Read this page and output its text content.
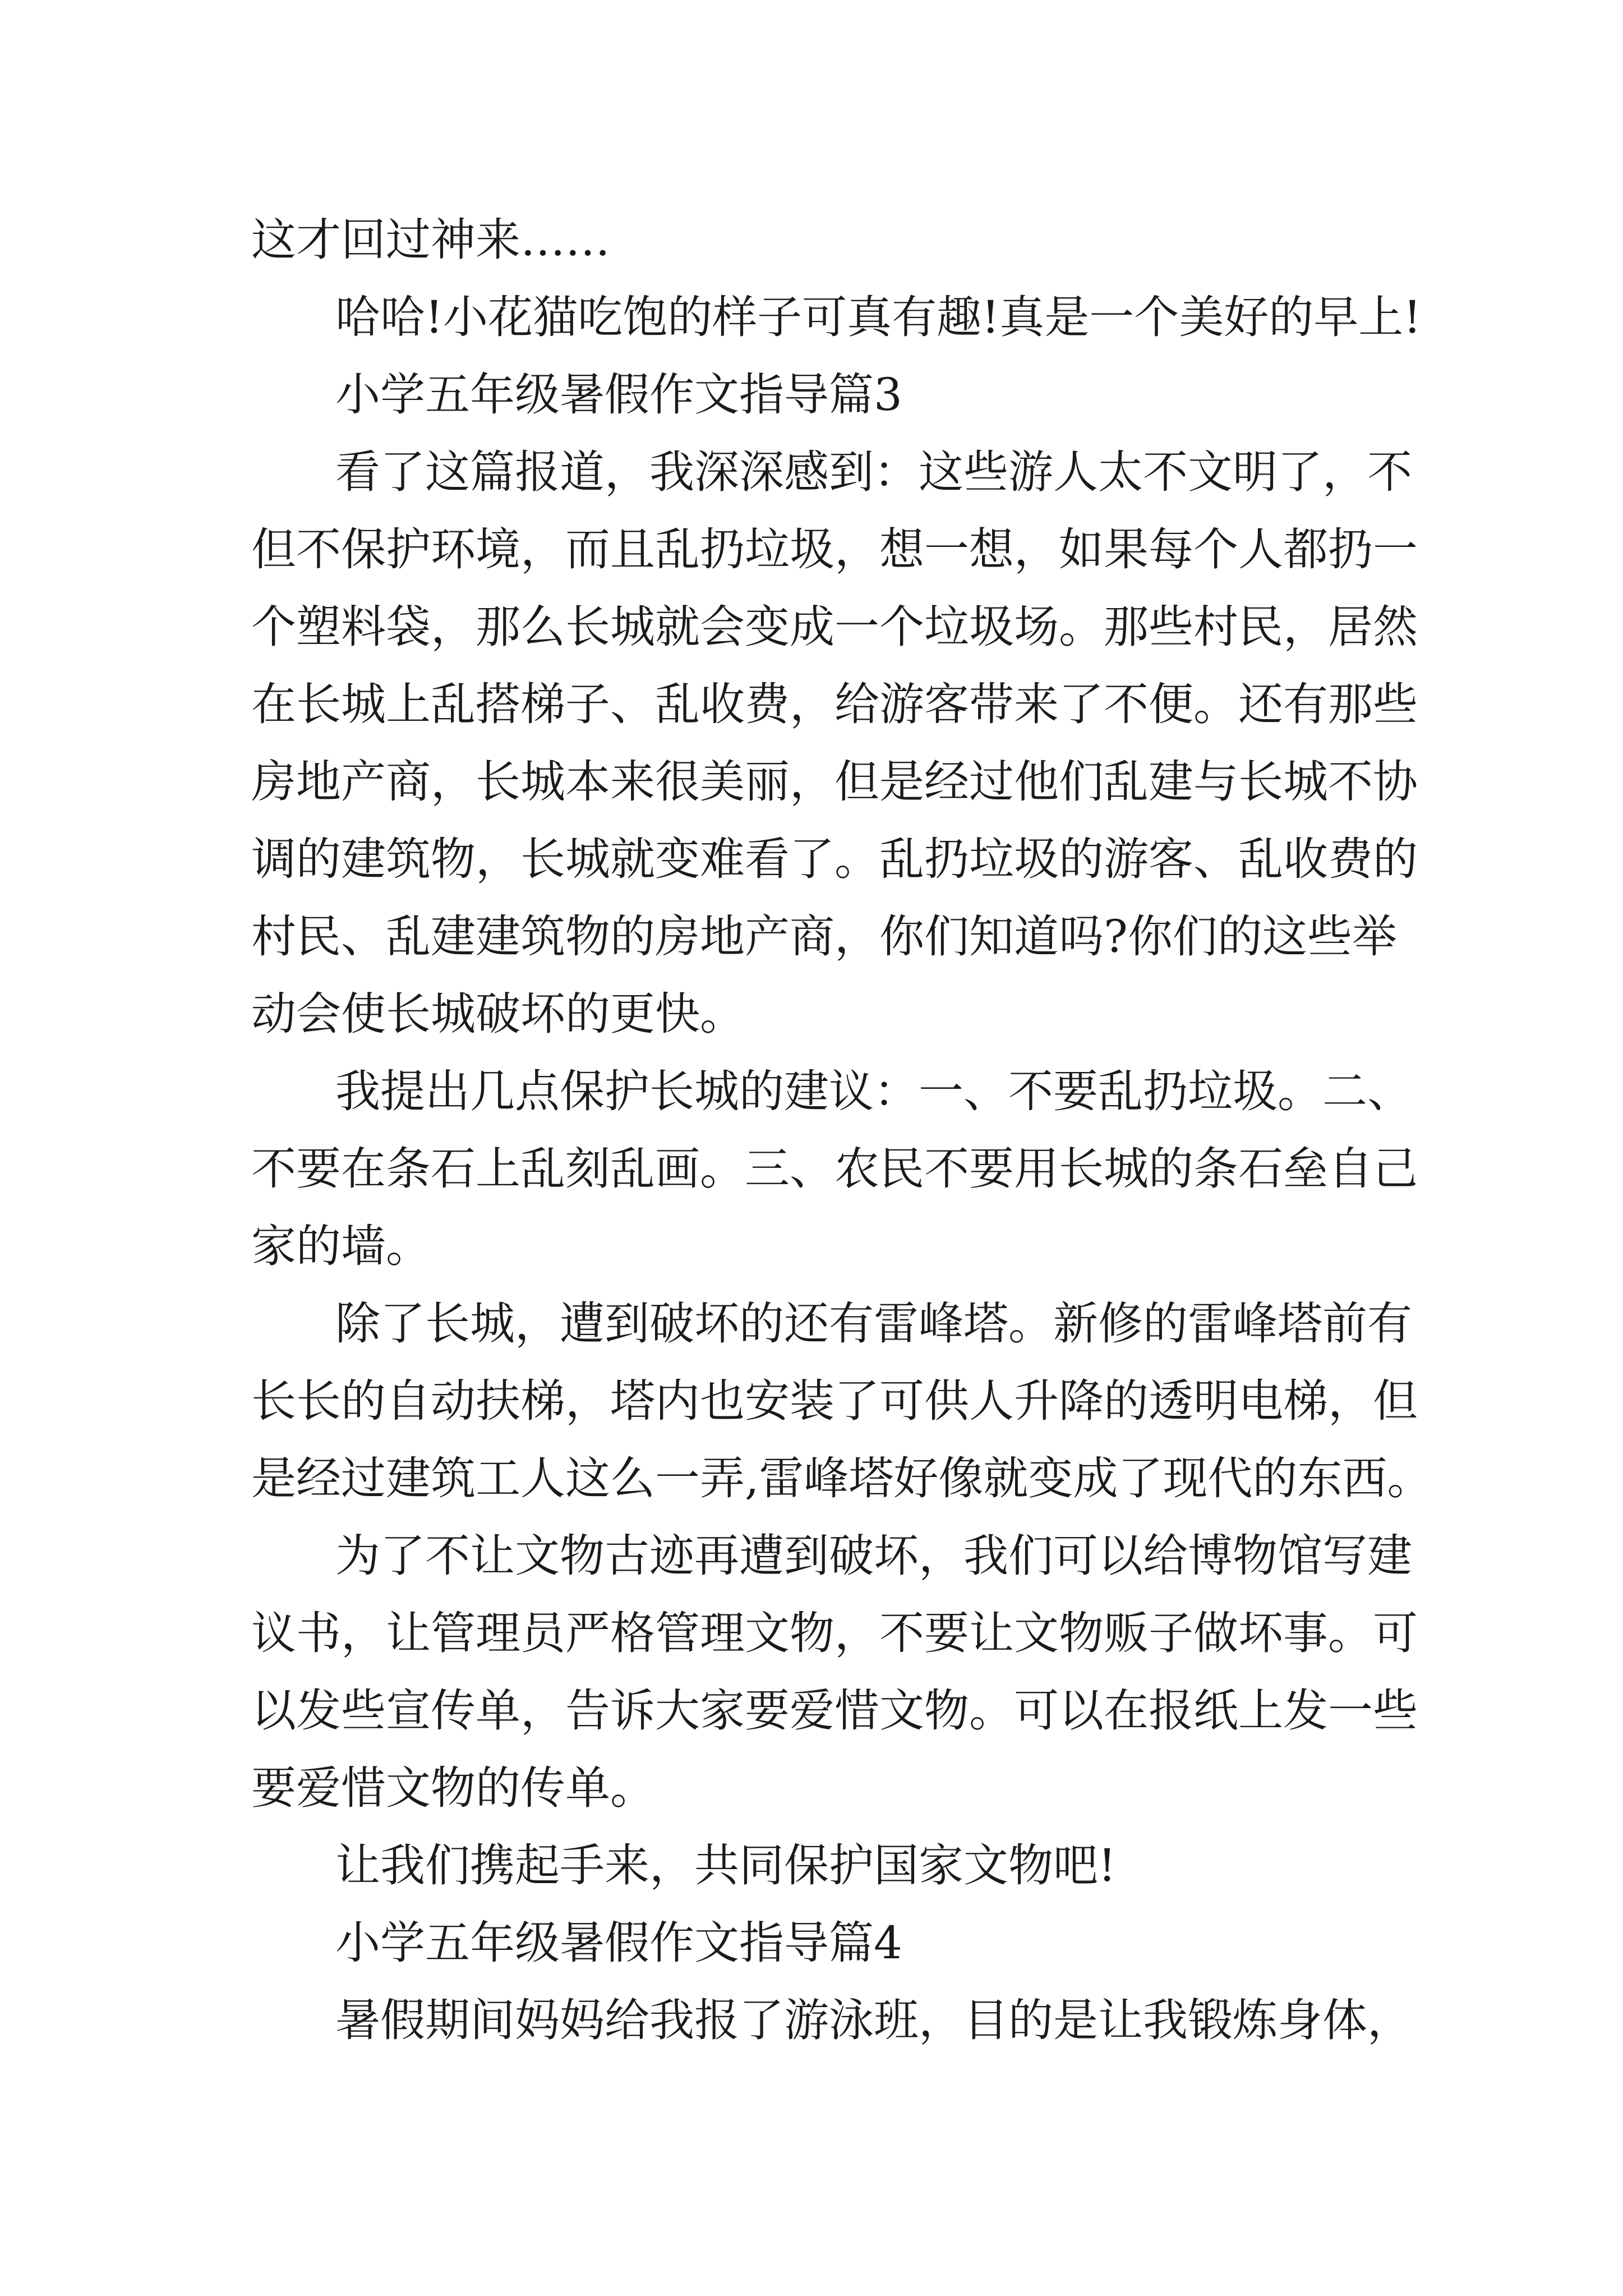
这才回过神来……
哈哈!小花猫吃饱的样子可真有趣!真是一个美好的早上!
小学五年级暑假作文指导篇3
看了这篇报道，我深深感到：这些游人太不文明了，不
但不保护环境，而且乱扔垃圾，想一想，如果每个人都扔一
个塑料袋，那么长城就会变成一个垃圾场。那些村民，居然
在长城上乱搭梯子、乱收费，给游客带来了不便。还有那些
房地产商，长城本来很美丽，但是经过他们乱建与长城不协
调的建筑物，长城就变难看了。乱扔垃圾的游客、乱收费的
村民、乱建建筑物的房地产商，你们知道吗?你们的这些举
动会使长城破坏的更快。
我提出几点保护长城的建议：一、不要乱扔垃圾。二、
不要在条石上乱刻乱画。三、农民不要用长城的条石垒自己
家的墙。
除了长城，遭到破坏的还有雷峰塔。新修的雷峰塔前有
长长的自动扶梯，塔内也安装了可供人升降的透明电梯，但
是经过建筑工人这么一弄,雷峰塔好像就变成了现代的东西。
为了不让文物古迹再遭到破坏，我们可以给博物馆写建
议书，让管理员严格管理文物，不要让文物贩子做坏事。可
以发些宣传单，告诉大家要爱惜文物。可以在报纸上发一些
要爱惜文物的传单。
让我们携起手来，共同保护国家文物吧!
小学五年级暑假作文指导篇4
暑假期间妈妈给我报了游泳班，目的是让我锻炼身体，
